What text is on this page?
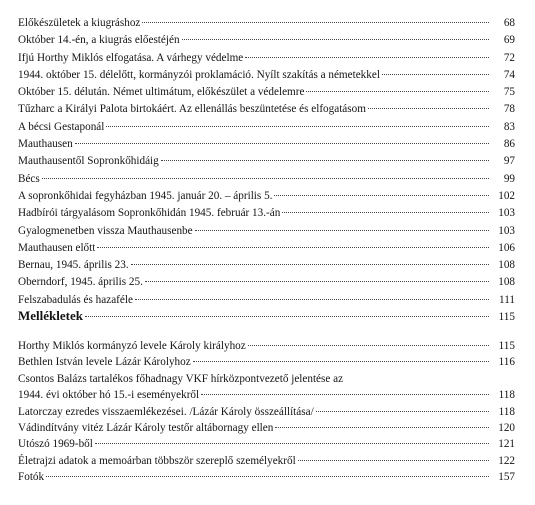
Előkészületek a kiugráshoz	68
Október 14.-én, a kiugrás előestéjén	69
Ifjú Horthy Miklós elfogatása. A várhegy védelme	72
1944. október 15. délelőtt, kormányzói proklamáció. Nyílt szakítás a németekkel	74
Október 15. délután. Német ultimátum, előkészület a védelemre	75
Tűzharc a Királyi Palota birtokáért. Az ellenállás beszüntetése és elfogatásom	78
A bécsi Gestaponál	83
Mauthausen	86
Mauthausentől Sopronkőhidáig	97
Bécs	99
A sopronkőhidai fegyházban 1945. január 20. – április 5.	102
Hadbírói tárgyalásom Sopronkőhidán 1945. február 13.-án	103
Gyalogmenetben vissza Mauthausenbe	103
Mauthausen előtt	106
Bernau, 1945. április 23.	108
Oberndorf, 1945. április 25.	108
Felszabadulás és hazaféle	111
Mellékletek	115
Horthy Miklós kormányzó levele Károly királyhoz	115
Bethlen István levele Lázár Károlyhoz	116
Csontos Balázs tartalékos főhadnagy VKF hírközpontvezető jelentése az
1944. évi október hó 15.-i eseményekről	118
Latorczay ezredes visszaemlékezései. /Lázár Károly összeállítása/	118
Vádindítvány vitéz Lázár Károly testőr altábornagy ellen	120
Utószó 1969-ből	121
Életrajzi adatok a memoárban többször szereplő személyekről	122
Fotók	157
